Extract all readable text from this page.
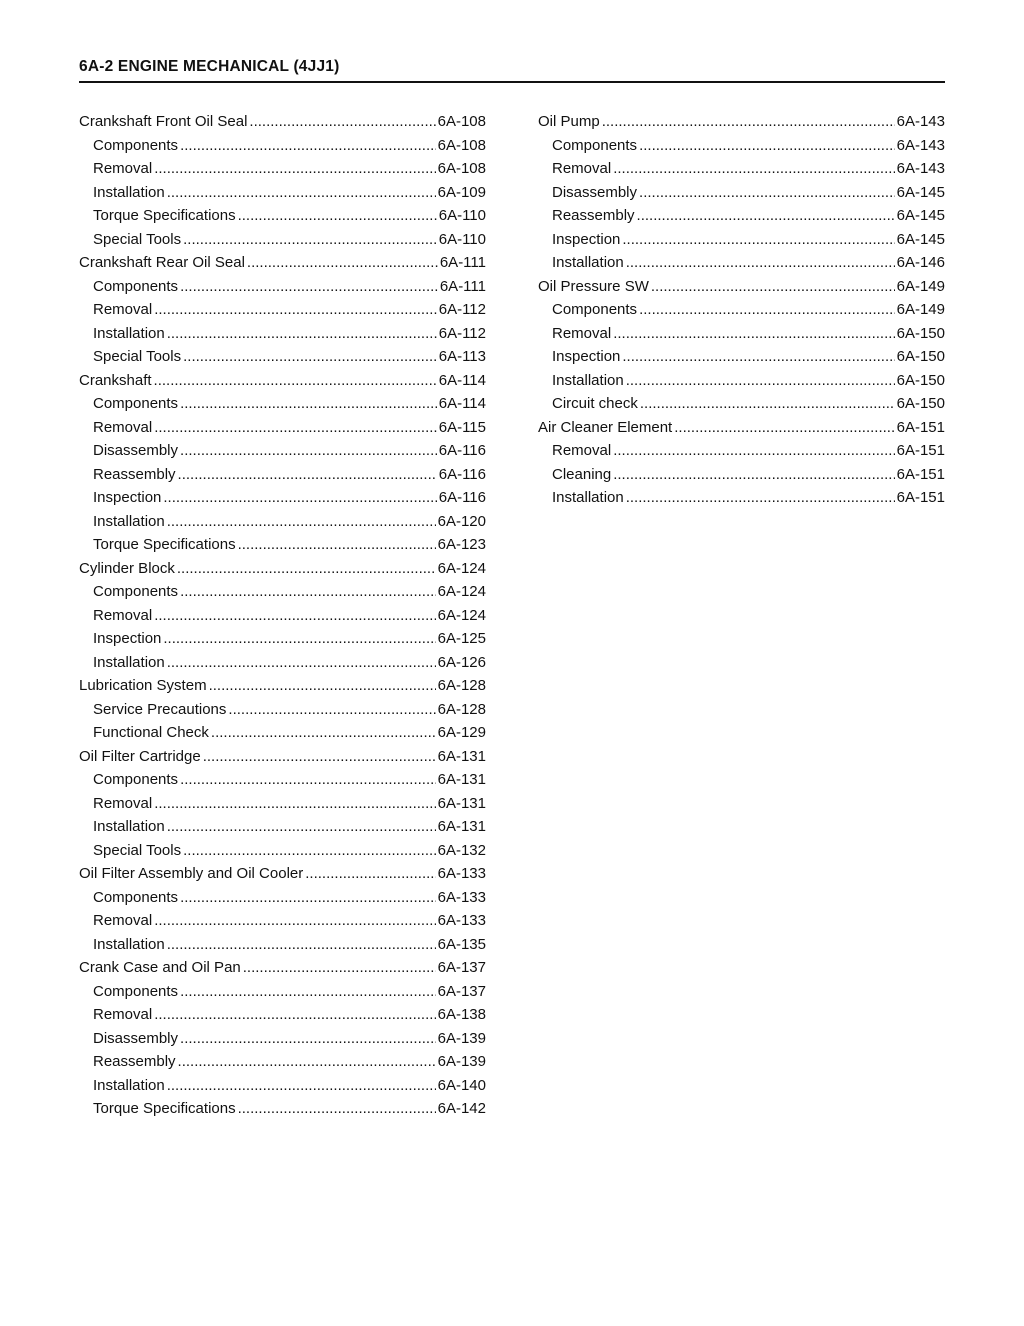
6A-2 ENGINE MECHANICAL (4JJ1)
Crankshaft Front Oil Seal .....	6A-108
Components .....	6A-108
Removal .....	6A-108
Installation .....	6A-109
Torque Specifications .....	6A-110
Special Tools .....	6A-110
Crankshaft Rear Oil Seal .....	6A-111
Components .....	6A-111
Removal .....	6A-112
Installation .....	6A-112
Special Tools .....	6A-113
Crankshaft .....	6A-114
Components .....	6A-114
Removal .....	6A-115
Disassembly .....	6A-116
Reassembly .....	6A-116
Inspection .....	6A-116
Installation .....	6A-120
Torque Specifications .....	6A-123
Cylinder Block .....	6A-124
Components .....	6A-124
Removal .....	6A-124
Inspection .....	6A-125
Installation .....	6A-126
Lubrication System .....	6A-128
Service Precautions .....	6A-128
Functional Check .....	6A-129
Oil Filter Cartridge .....	6A-131
Components .....	6A-131
Removal .....	6A-131
Installation .....	6A-131
Special Tools .....	6A-132
Oil Filter Assembly and Oil Cooler .....	6A-133
Components .....	6A-133
Removal .....	6A-133
Installation .....	6A-135
Crank Case and Oil Pan .....	6A-137
Components .....	6A-137
Removal .....	6A-138
Disassembly .....	6A-139
Reassembly .....	6A-139
Installation .....	6A-140
Torque Specifications .....	6A-142
Oil Pump .....	6A-143
Components .....	6A-143
Removal .....	6A-143
Disassembly .....	6A-145
Reassembly .....	6A-145
Inspection .....	6A-145
Installation .....	6A-146
Oil Pressure SW .....	6A-149
Components .....	6A-149
Removal .....	6A-150
Inspection .....	6A-150
Installation .....	6A-150
Circuit check .....	6A-150
Air Cleaner Element .....	6A-151
Removal .....	6A-151
Cleaning .....	6A-151
Installation .....	6A-151
